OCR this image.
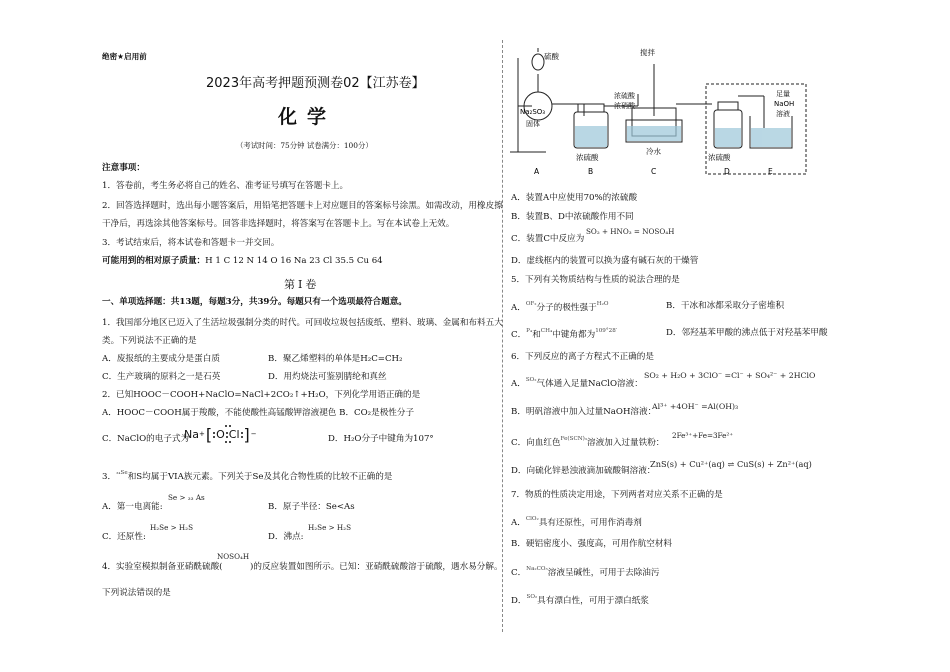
绝密★启用前
2023年高考押题预测卷02【江苏卷】
化学
（考试时间：75分钟 试卷满分：100分）
注意事项：
1．答卷前，考生务必将自己的姓名、准考证号填写在答题卡上。
2．回答选择题时，选出每小题答案后，用铅笔把答题卡上对应题目的答案标号涂黑。如需改动，用橡皮擦
干净后，再选涂其他答案标号。回答非选择题时，将答案写在答题卡上。写在本试卷上无效。
3．考试结束后，将本试卷和答题卡一并交回。
可能用到的相对原子质量：H 1 C 12 N 14 O 16 Na 23 Cl 35.5 Cu 64
第Ⅰ卷
一、单项选择题：共13题，每题3分，共39分。每题只有一个选项最符合题意。
1．我国部分地区已迈入了生活垃圾强制分类的时代。可回收垃圾包括废纸、塑料、玻璃、金属和布料五大
类。下列说法不正确的是
A．废报纸的主要成分是蛋白质	B．聚乙烯塑料的单体是H₂C=CH₂
C．生产玻璃的原料之一是石英	D．用灼烧法可鉴别腈纶和真丝
2．已知HOOC－COOH+NaClO=NaCl+2CO₂↑+H₂O，下列化学用语正确的是
A．HOOC－COOH属于羧酸，不能使酸性高锰酸钾溶液褪色 B．CO₂是极性分子
C．NaClO的电子式为
Na + [ O Cl ] −	D．H₂O分子中键角为107°
3．$^{_{34}Se}$和S均属于VIA族元素。下列关于Se及其化合物性质的比较不正确的是
A．第一电离能:
Se > ₃₃ As
B．原子半径：Se<As
C．还原性:
H₂Se > H₂S
D．沸点:
H₂Se > H₂S
4．实验室模拟制备亚硝酰硫酸(
NOSO₄H
)的反应装置如图所示。已知：亚硝酰硫酸溶于硫酸，遇水易分解。
下列说法错误的是
硫酸
Na₂SO₃
固体
搅拌
浓硫酸
浓硫酸
浓硝酸
冷水
浓硫酸
足量
NaOH
溶液
A	B	C	D	E
A．装置A中应使用70%的浓硫酸
B．装置B、D中浓硫酸作用不同
C．装置C中反应为
SO₂ + HNO₃ = NOSO₄H
D．虚线框内的装置可以换为盛有碱石灰的干燥管
5．下列有关物质结构与性质的说法合理的是
A．$^{OF_2}$分子的极性强于$^{H_2O}$	B．干冰和冰都采取分子密堆积
C．$^{P_4}$和$^{CH_4}$中键角都为$^{109^\circ 28'}$	D．邻羟基苯甲酸的沸点低于对羟基苯甲酸
6．下列反应的离子方程式不正确的是
A．$^{SO_2}$气体通入足量NaClO溶液：
SO₂ + H₂O + 3ClO⁻ =Cl⁻ + SO₄²⁻ + 2HClO
B．明矾溶液中加入过量NaOH溶液：
Al³⁺ +4OH⁻ =Al(OH)₃
C．向血红色$^{Fe(SCN)_3}$溶液加入过量铁粉：
2Fe³⁺+Fe=3Fe²⁺
D．向硫化锌悬浊液滴加硫酸铜溶液：
ZnS(s) + Cu²⁺(aq) ⇌ CuS(s) + Zn²⁺(aq)
7．物质的性质决定用途，下列两者对应关系不正确的是
A．$^{ClO_2}$具有还原性，可用作消毒剂
B．硬铝密度小、强度高，可用作航空材料
C．$^{Na_2CO_3}$溶液呈碱性，可用于去除油污
D．$^{SO_2}$具有漂白性，可用于漂白纸浆
